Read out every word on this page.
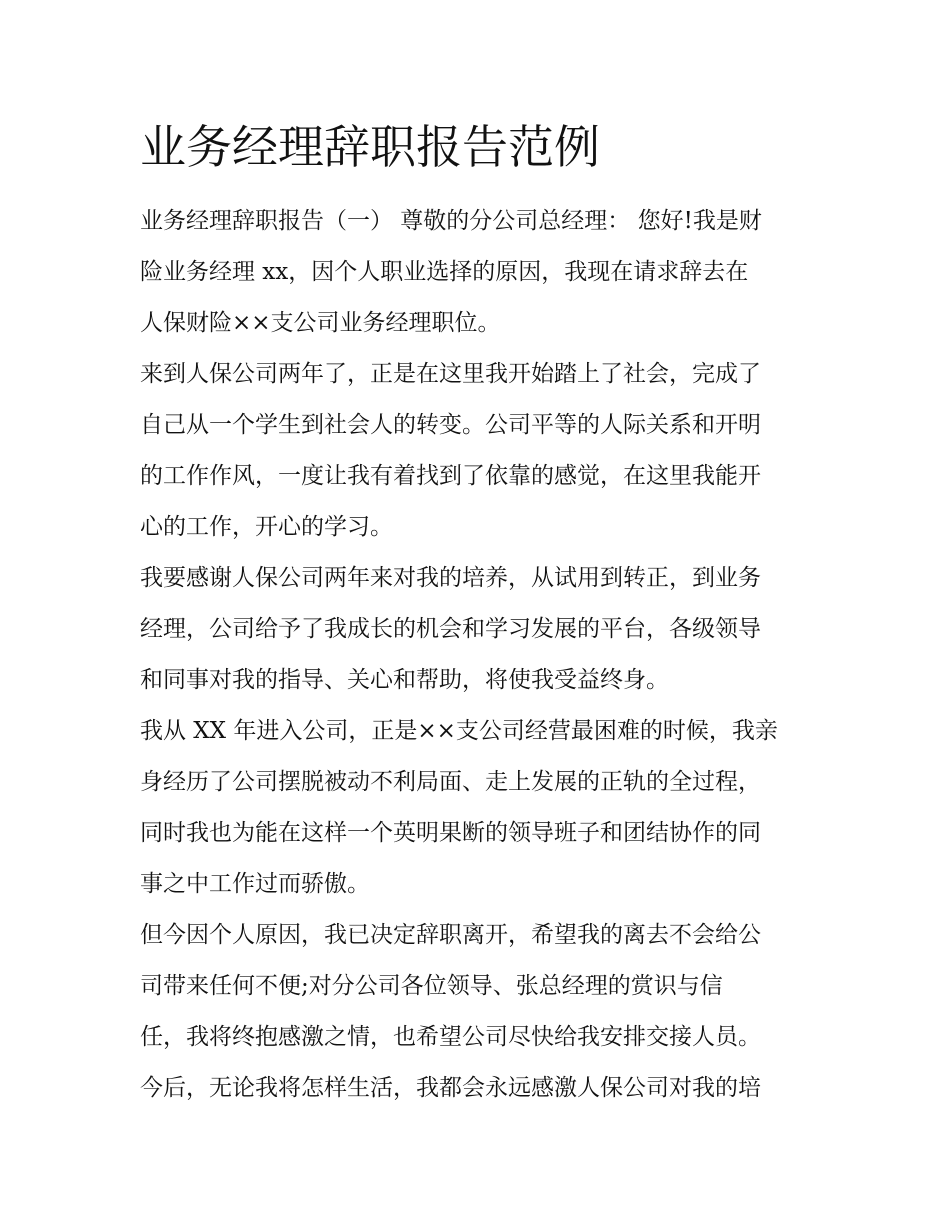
业务经理辞职报告范例

业务经理辞职报告（一） 尊敬的分公司总经理： 您好!我是财

险业务经理 xx，因个人职业选择的原因，我现在请求辞去在

人保财险××支公司业务经理职位。

来到人保公司两年了，正是在这里我开始踏上了社会，完成了

自己从一个学生到社会人的转变。公司平等的人际关系和开明

的工作作风，一度让我有着找到了依靠的感觉，在这里我能开

心的工作，开心的学习。

我要感谢人保公司两年来对我的培养，从试用到转正，到业务

经理，公司给予了我成长的机会和学习发展的平台，各级领导

和同事对我的指导、关心和帮助，将使我受益终身。

我从 XX 年进入公司，正是××支公司经营最困难的时候，我亲

身经历了公司摆脱被动不利局面、走上发展的正轨的全过程，

同时我也为能在这样一个英明果断的领导班子和团结协作的同

事之中工作过而骄傲。

但今因个人原因，我已决定辞职离开，希望我的离去不会给公

司带来任何不便;对分公司各位领导、张总经理的赏识与信

任，我将终抱感激之情，也希望公司尽快给我安排交接人员。

今后，无论我将怎样生活，我都会永远感激人保公司对我的培
